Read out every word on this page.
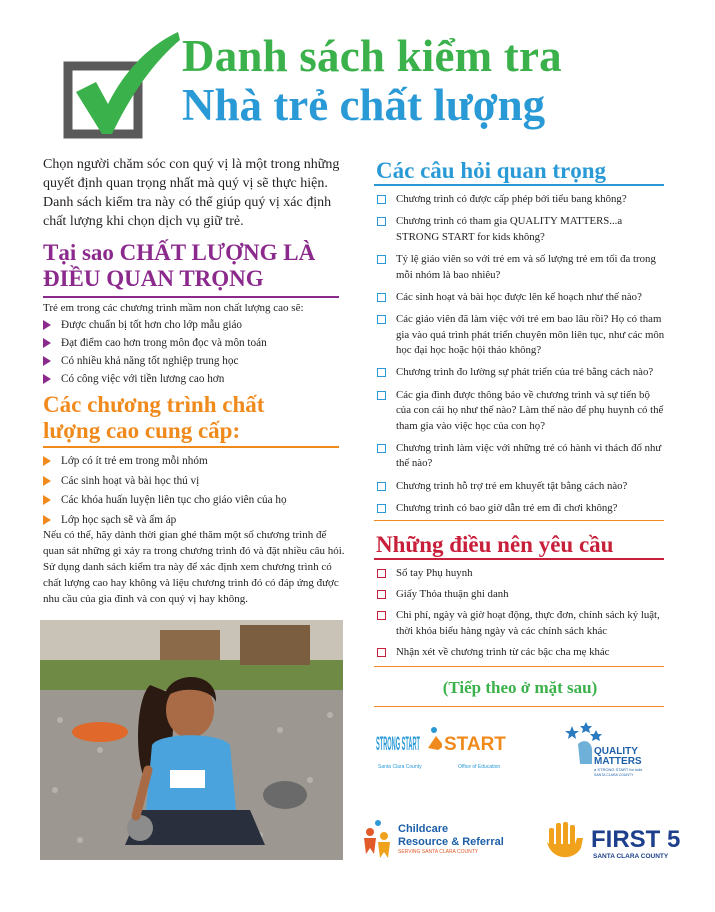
Danh sách kiểm tra
Nhà trẻ chất lượng

Chọn người chăm sóc con quý vị là một trong những quyết định quan trọng nhất mà quý vị sẽ thực hiện. Danh sách kiểm tra này có thể giúp quý vị xác định chất lượng khi chọn dịch vụ giữ trẻ.

Tại sao CHẤT LƯỢNG LÀ
ĐIỀU QUAN TRỌNG

Trẻ em trong các chương trình mầm non chất lượng cao sẽ:

Được chuẩn bị tốt hơn cho lớp mẫu giáo
Đạt điểm cao hơn trong môn đọc và môn toán
Có nhiều khả năng tốt nghiệp trung học
Có công việc với tiền lương cao hơn
Các chương trình chất
lượng cao cung cấp:
Lớp có ít trẻ em trong mỗi nhóm
Các sinh hoạt và bài học thú vị
Các khóa huấn luyện liên tục cho giáo viên của họ
Lớp học sạch sẽ và ấm áp

Nếu có thể, hãy dành thời gian ghé thăm một số chương trình để quan sát những gì xảy ra trong chương trình đó và đặt nhiều câu hỏi. Sử dụng danh sách kiểm tra này để xác định xem chương trình có chất lượng cao hay không và liệu chương trình đó có đáp ứng được nhu cầu của gia đình và con quý vị hay không.

Các câu hỏi quan trọng
Chương trình có được cấp phép bởi tiểu bang không?
Chương trình có tham gia QUALITY MATTERS...a STRONG START for kids không?
Tỷ lệ giáo viên so với trẻ em và số lượng trẻ em tối đa trong mỗi nhóm là bao nhiêu?
Các sinh hoạt và bài học được lên kế hoạch như thế nào?
Các giáo viên đã làm việc với trẻ em bao lâu rồi? Họ có tham gia vào quá trình phát triển chuyên môn liên tục, như các môn học đại học hoặc hội thảo không?
Chương trình đo lường sự phát triển của trẻ bằng cách nào?
Các gia đình được thông báo về chương trình và sự tiến bộ của con cái họ như thế nào? Làm thế nào để phụ huynh có thể tham gia vào việc học của con họ?
Chương trình làm việc với những trẻ có hành vi thách đố như thế nào?
Chương trình hỗ trợ trẻ em khuyết tật bằng cách nào?
Chương trình có bao giờ dẫn trẻ em đi chơi không?
Những điều nên yêu cầu
Sổ tay Phụ huynh
Giấy Thỏa thuận ghi danh
Chi phí, ngày và giờ hoạt động, thực đơn, chính sách kỷ luật, thời khóa biểu hàng ngày và các chính sách khác
Nhận xét về chương trình từ các bậc cha mẹ khác
(Tiếp theo ở mặt sau)
STRONG START START
Santa Clara County	Office of Education
QUALITY
MATTERS
a STRONG START for kids
SANTA CLARA COUNTY
Childcare
Resource & Referral
SERVING SANTA CLARA COUNTY	FIRST 5
SANTA CLARA COUNTY
